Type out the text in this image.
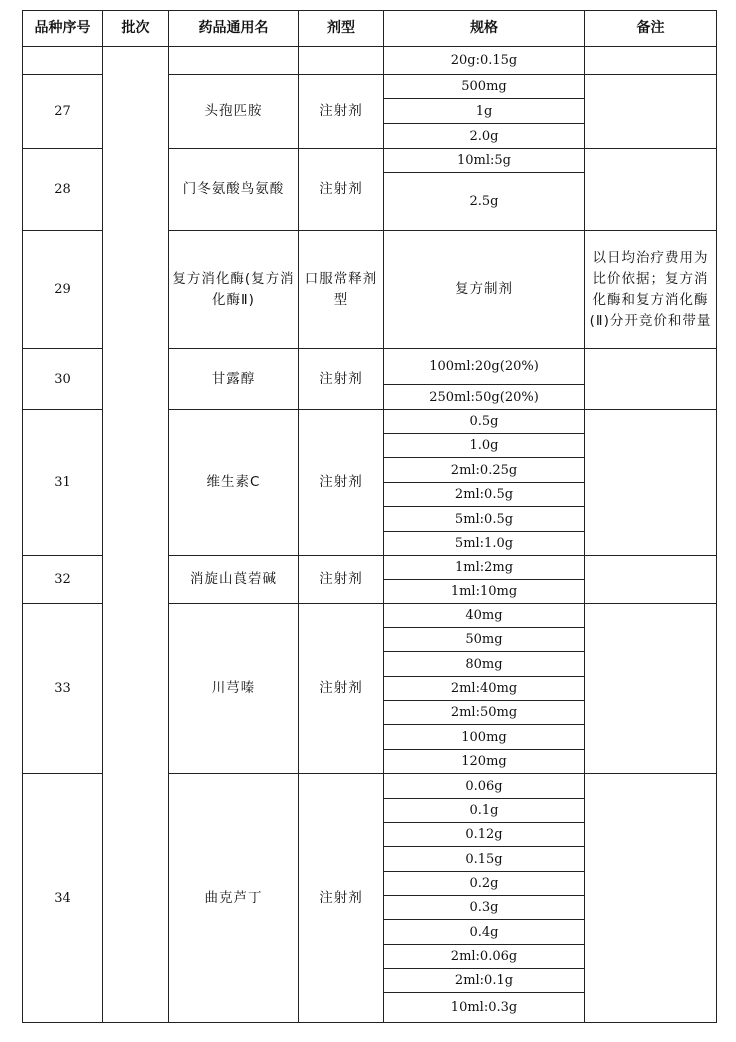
品种序号	批次	药品通用名	剂型	规格	备注
				20g:0.15g	
27		头孢匹胺	注射剂	500mg	
				1g	
				2.0g	
28		门冬氨酸鸟氨酸	注射剂	10ml:5g	
				2.5g	
29		复方消化酶(复方消化酶Ⅱ)	口服常释剂型	复方制剂	以日均治疗费用为比价依据；复方消化酶和复方消化酶(Ⅱ)分开竞价和带量
30		甘露醇	注射剂	100ml:20g(20%)	
				250ml:50g(20%)	
31		维生素C	注射剂	0.5g	
				1.0g	
				2ml:0.25g	
				2ml:0.5g	
				5ml:0.5g	
				5ml:1.0g	
32		消旋山莨菪碱	注射剂	1ml:2mg	
				1ml:10mg	
33		川芎嗪	注射剂	40mg	
				50mg	
				80mg	
				2ml:40mg	
				2ml:50mg	
				100mg	
				120mg	
34		曲克芦丁	注射剂	0.06g	
				0.1g	
				0.12g	
				0.15g	
				0.2g	
				0.3g	
				0.4g	
				2ml:0.06g	
				2ml:0.1g	
				10ml:0.3g	
